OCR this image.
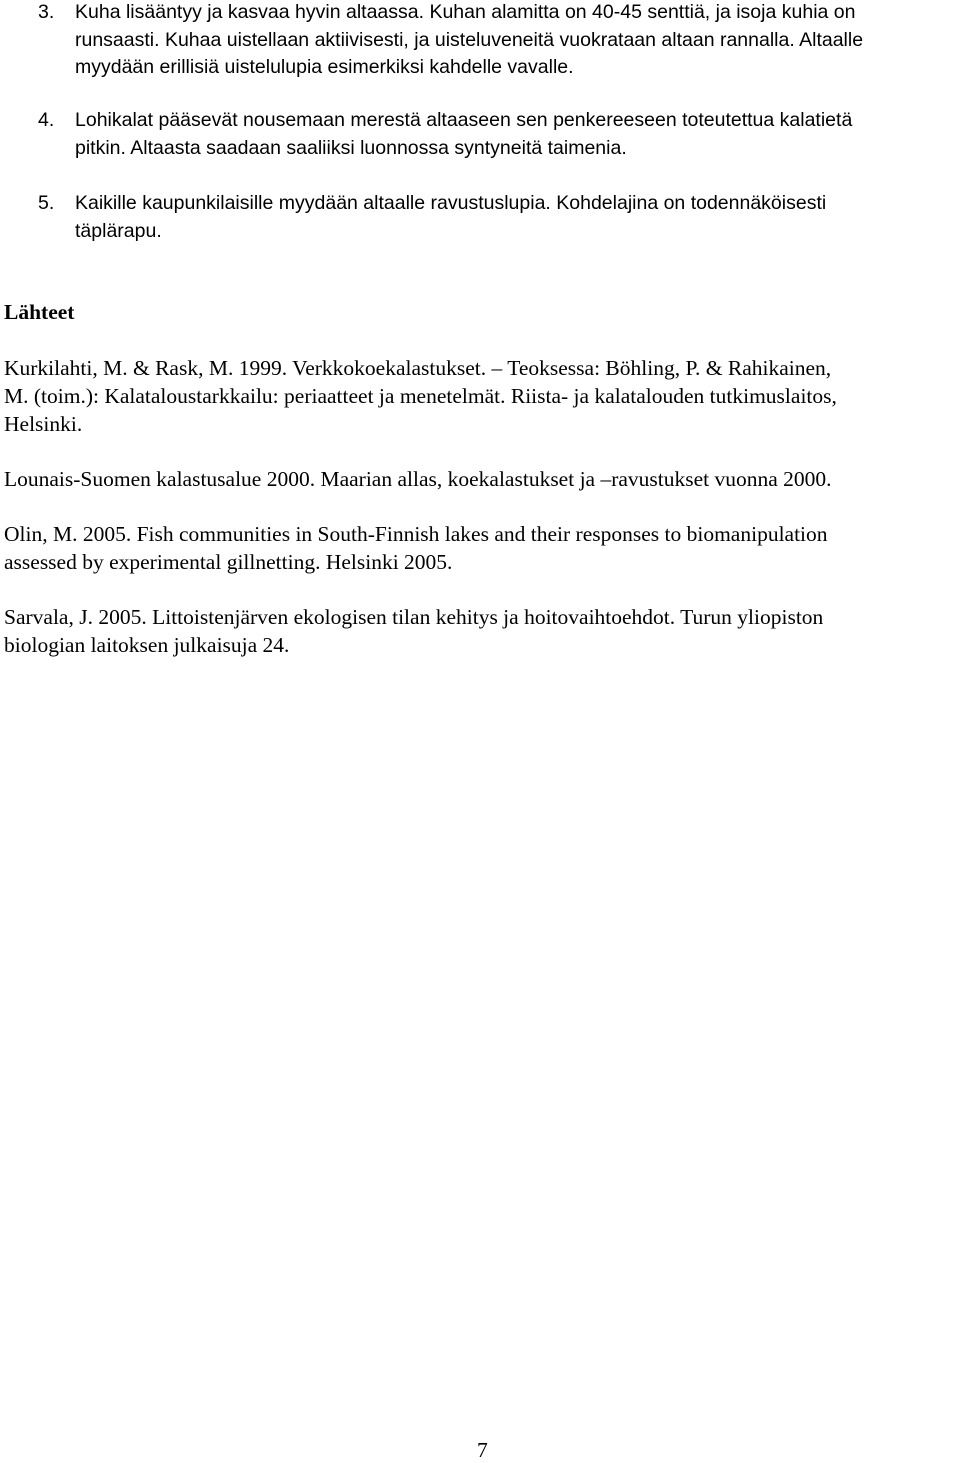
3. Kuha lisääntyy ja kasvaa hyvin altaassa. Kuhan alamitta on 40-45 senttiä, ja isoja kuhia on
runsaasti. Kuhaa uistellaan aktiivisesti, ja uisteluveneitä vuokrataan altaan rannalla. Altaalle
myydään erillisiä uistelulupia esimerkiksi kahdelle vavalle.
4. Lohikalat pääsevät nousemaan merestä altaaseen sen penkereeseen toteutettua kalatietä
pitkin. Altaasta saadaan saaliiksi luonnossa syntyneitä taimenia.
5. Kaikille kaupunkilaisille myydään altaalle ravustuslupia. Kohdelajina on todennäköisesti
täplärapu.
Lähteet
Kurkilahti, M. & Rask, M. 1999. Verkkokoekalastukset. – Teoksessa: Böhling, P. & Rahikainen,
M. (toim.): Kalataloustarkkailu: periaatteet ja menetelmät. Riista- ja kalatalouden tutkimuslaitos,
Helsinki.
Lounais-Suomen kalastusalue 2000. Maarian allas, koekalastukset ja –ravustukset vuonna 2000.
Olin, M. 2005. Fish communities in South-Finnish lakes and their responses to biomanipulation
assessed by experimental gillnetting. Helsinki 2005.
Sarvala, J. 2005. Littoistenjärven ekologisen tilan kehitys ja hoitovaihtoehdot. Turun yliopiston
biologian laitoksen julkaisuja 24.
7
